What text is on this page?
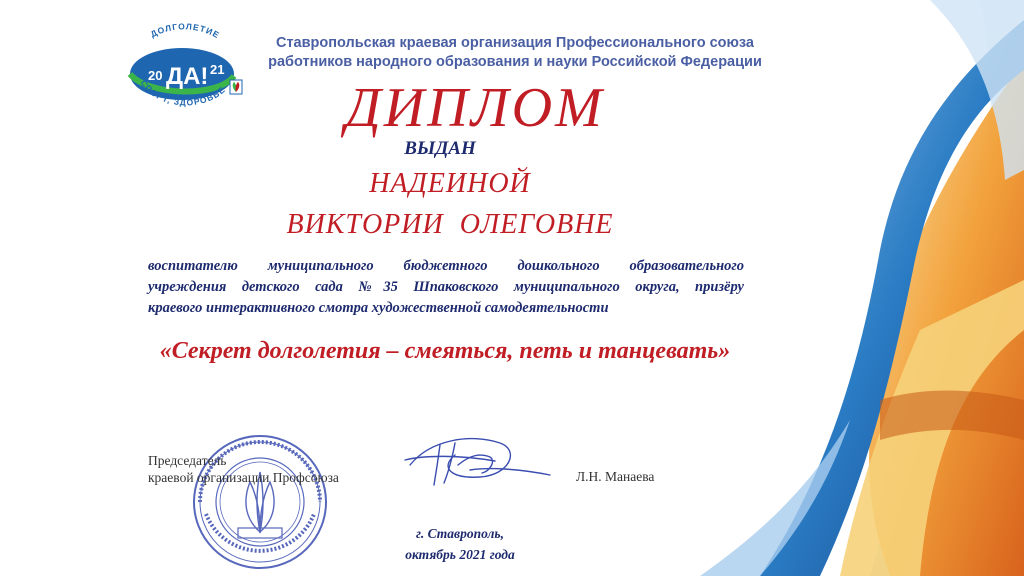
ДОЛГОЛЕТИЕ
СПОРТ, ЗДОРОВЬЕ
20 ДА! 21
Ставропольская краевая организация Профессионального союза
работников народного образования и науки Российской Федерации
ДИПЛОМ
ВЫДАН
НАДЕИНОЙ
ВИКТОРИИ ОЛЕГОВНЕ
воспитателю муниципального бюджетного дошкольного образовательного
учреждения детского сада №35 Шпаковского муниципального округа, призёру
краевого интерактивного смотра художественной самодеятельности
«Секрет долголетия – смеяться, петь и танцевать»
Председатель
краевой организации Профсоюза	Л.Н. Манаева
г. Ставрополь,
октябрь 2021 года
